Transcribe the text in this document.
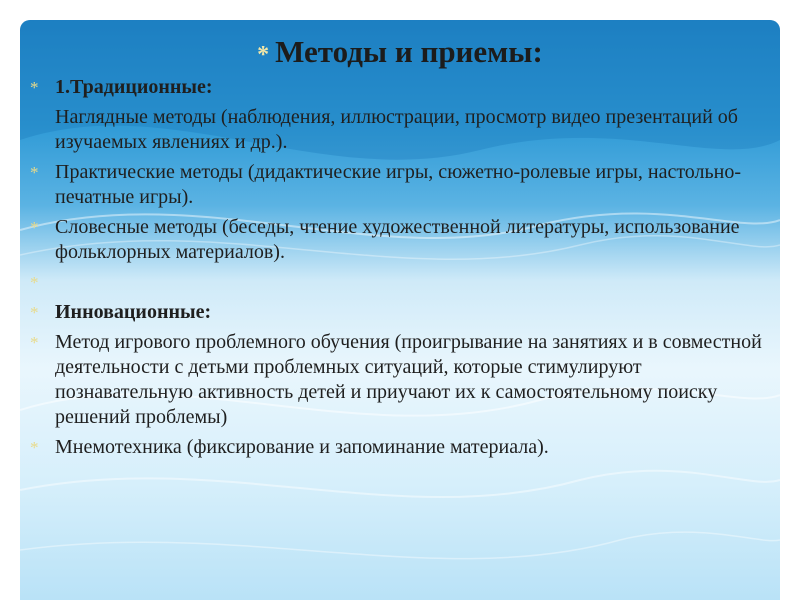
* Методы и приемы:
* 1.Традиционные:
Наглядные методы (наблюдения, иллюстрации, просмотр видео презентаций об изучаемых явлениях и др.).
* Практические методы (дидактические игры, сюжетно-ролевые игры, настольно-печатные игры).
* Словесные методы (беседы, чтение художественной литературы, использование фольклорных материалов).
*
* Инновационные:
* Метод игрового проблемного обучения (проигрывание на занятиях и в совместной деятельности с детьми проблемных ситуаций, которые стимулируют познавательную активность детей и приучают их к самостоятельному поиску решений проблемы)
* Мнемотехника (фиксирование и запоминание материала).
